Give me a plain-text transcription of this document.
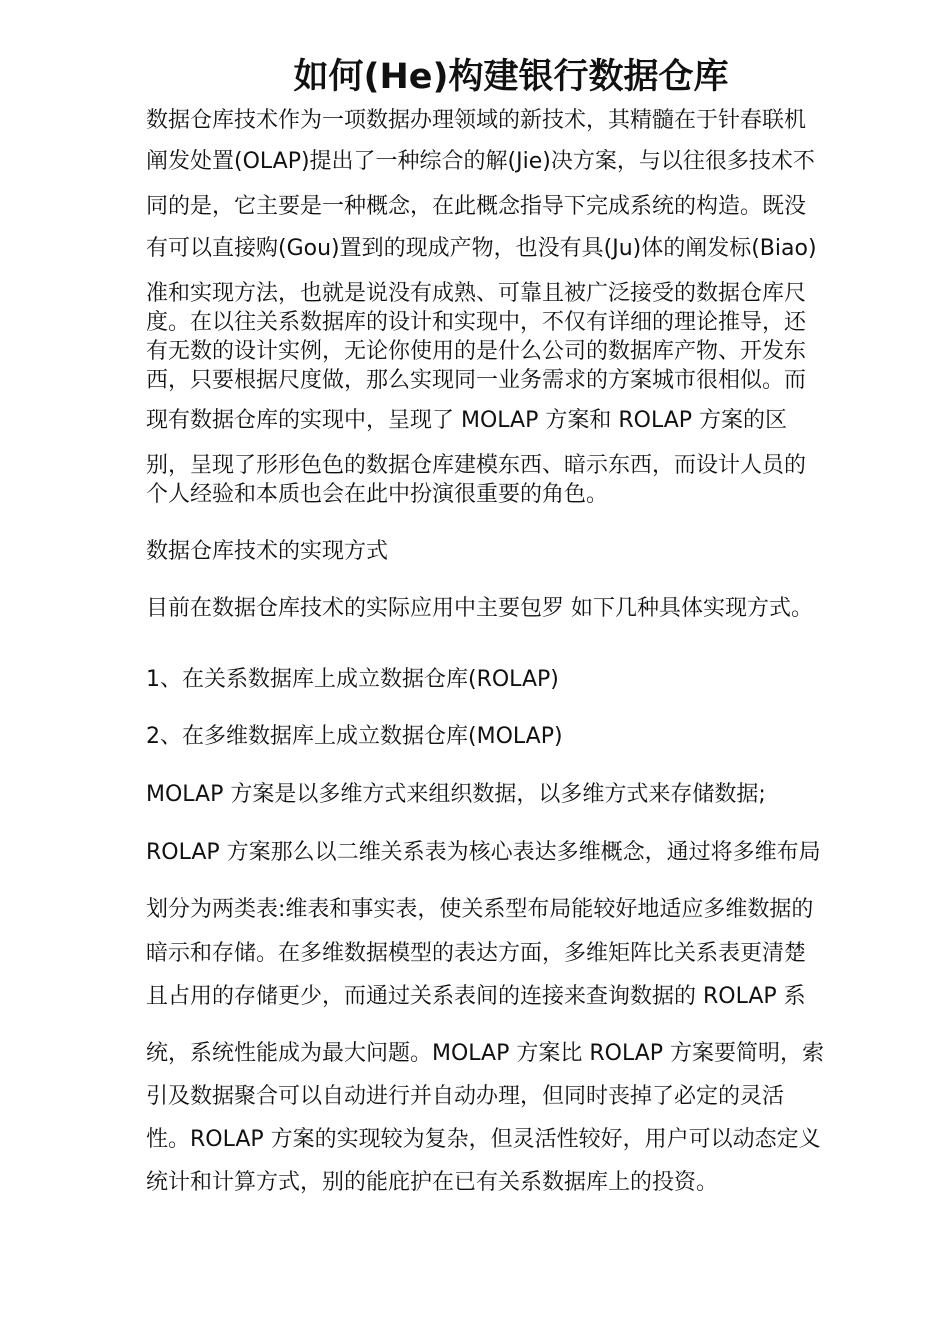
如何(He)构建银行数据仓库

数据仓库技术作为一项数据办理领域的新技术，其精髓在于针春联机

阐发处置(OLAP)提出了一种综合的解(Jie)决方案，与以往很多技术不

同的是，它主要是一种概念，在此概念指导下完成系统的构造。既没

有可以直接购(Gou)置到的现成产物，也没有具(Ju)体的阐发标(Biao)

准和实现方法，也就是说没有成熟、可靠且被广泛接受的数据仓库尺

度。在以往关系数据库的设计和实现中，不仅有详细的理论推导，还

有无数的设计实例，无论你使用的是什么公司的数据库产物、开发东

西，只要根据尺度做，那么实现同一业务需求的方案城市很相似。而

现有数据仓库的实现中，呈现了 MOLAP 方案和 ROLAP 方案的区

别，呈现了形形色色的数据仓库建模东西、暗示东西，而设计人员的

个人经验和本质也会在此中扮演很重要的角色。

数据仓库技术的实现方式

目前在数据仓库技术的实际应用中主要包罗 如下几种具体实现方式。

1、在关系数据库上成立数据仓库(ROLAP)

2、在多维数据库上成立数据仓库(MOLAP)

MOLAP 方案是以多维方式来组织数据，以多维方式来存储数据;

ROLAP 方案那么以二维关系表为核心表达多维概念，通过将多维布局

划分为两类表:维表和事实表，使关系型布局能较好地适应多维数据的

暗示和存储。在多维数据模型的表达方面，多维矩阵比关系表更清楚

且占用的存储更少，而通过关系表间的连接来查询数据的 ROLAP 系

统，系统性能成为最大问题。MOLAP 方案比 ROLAP 方案要简明，索

引及数据聚合可以自动进行并自动办理，但同时丧掉了必定的灵活

性。ROLAP 方案的实现较为复杂，但灵活性较好，用户可以动态定义

统计和计算方式，别的能庇护在已有关系数据库上的投资。
